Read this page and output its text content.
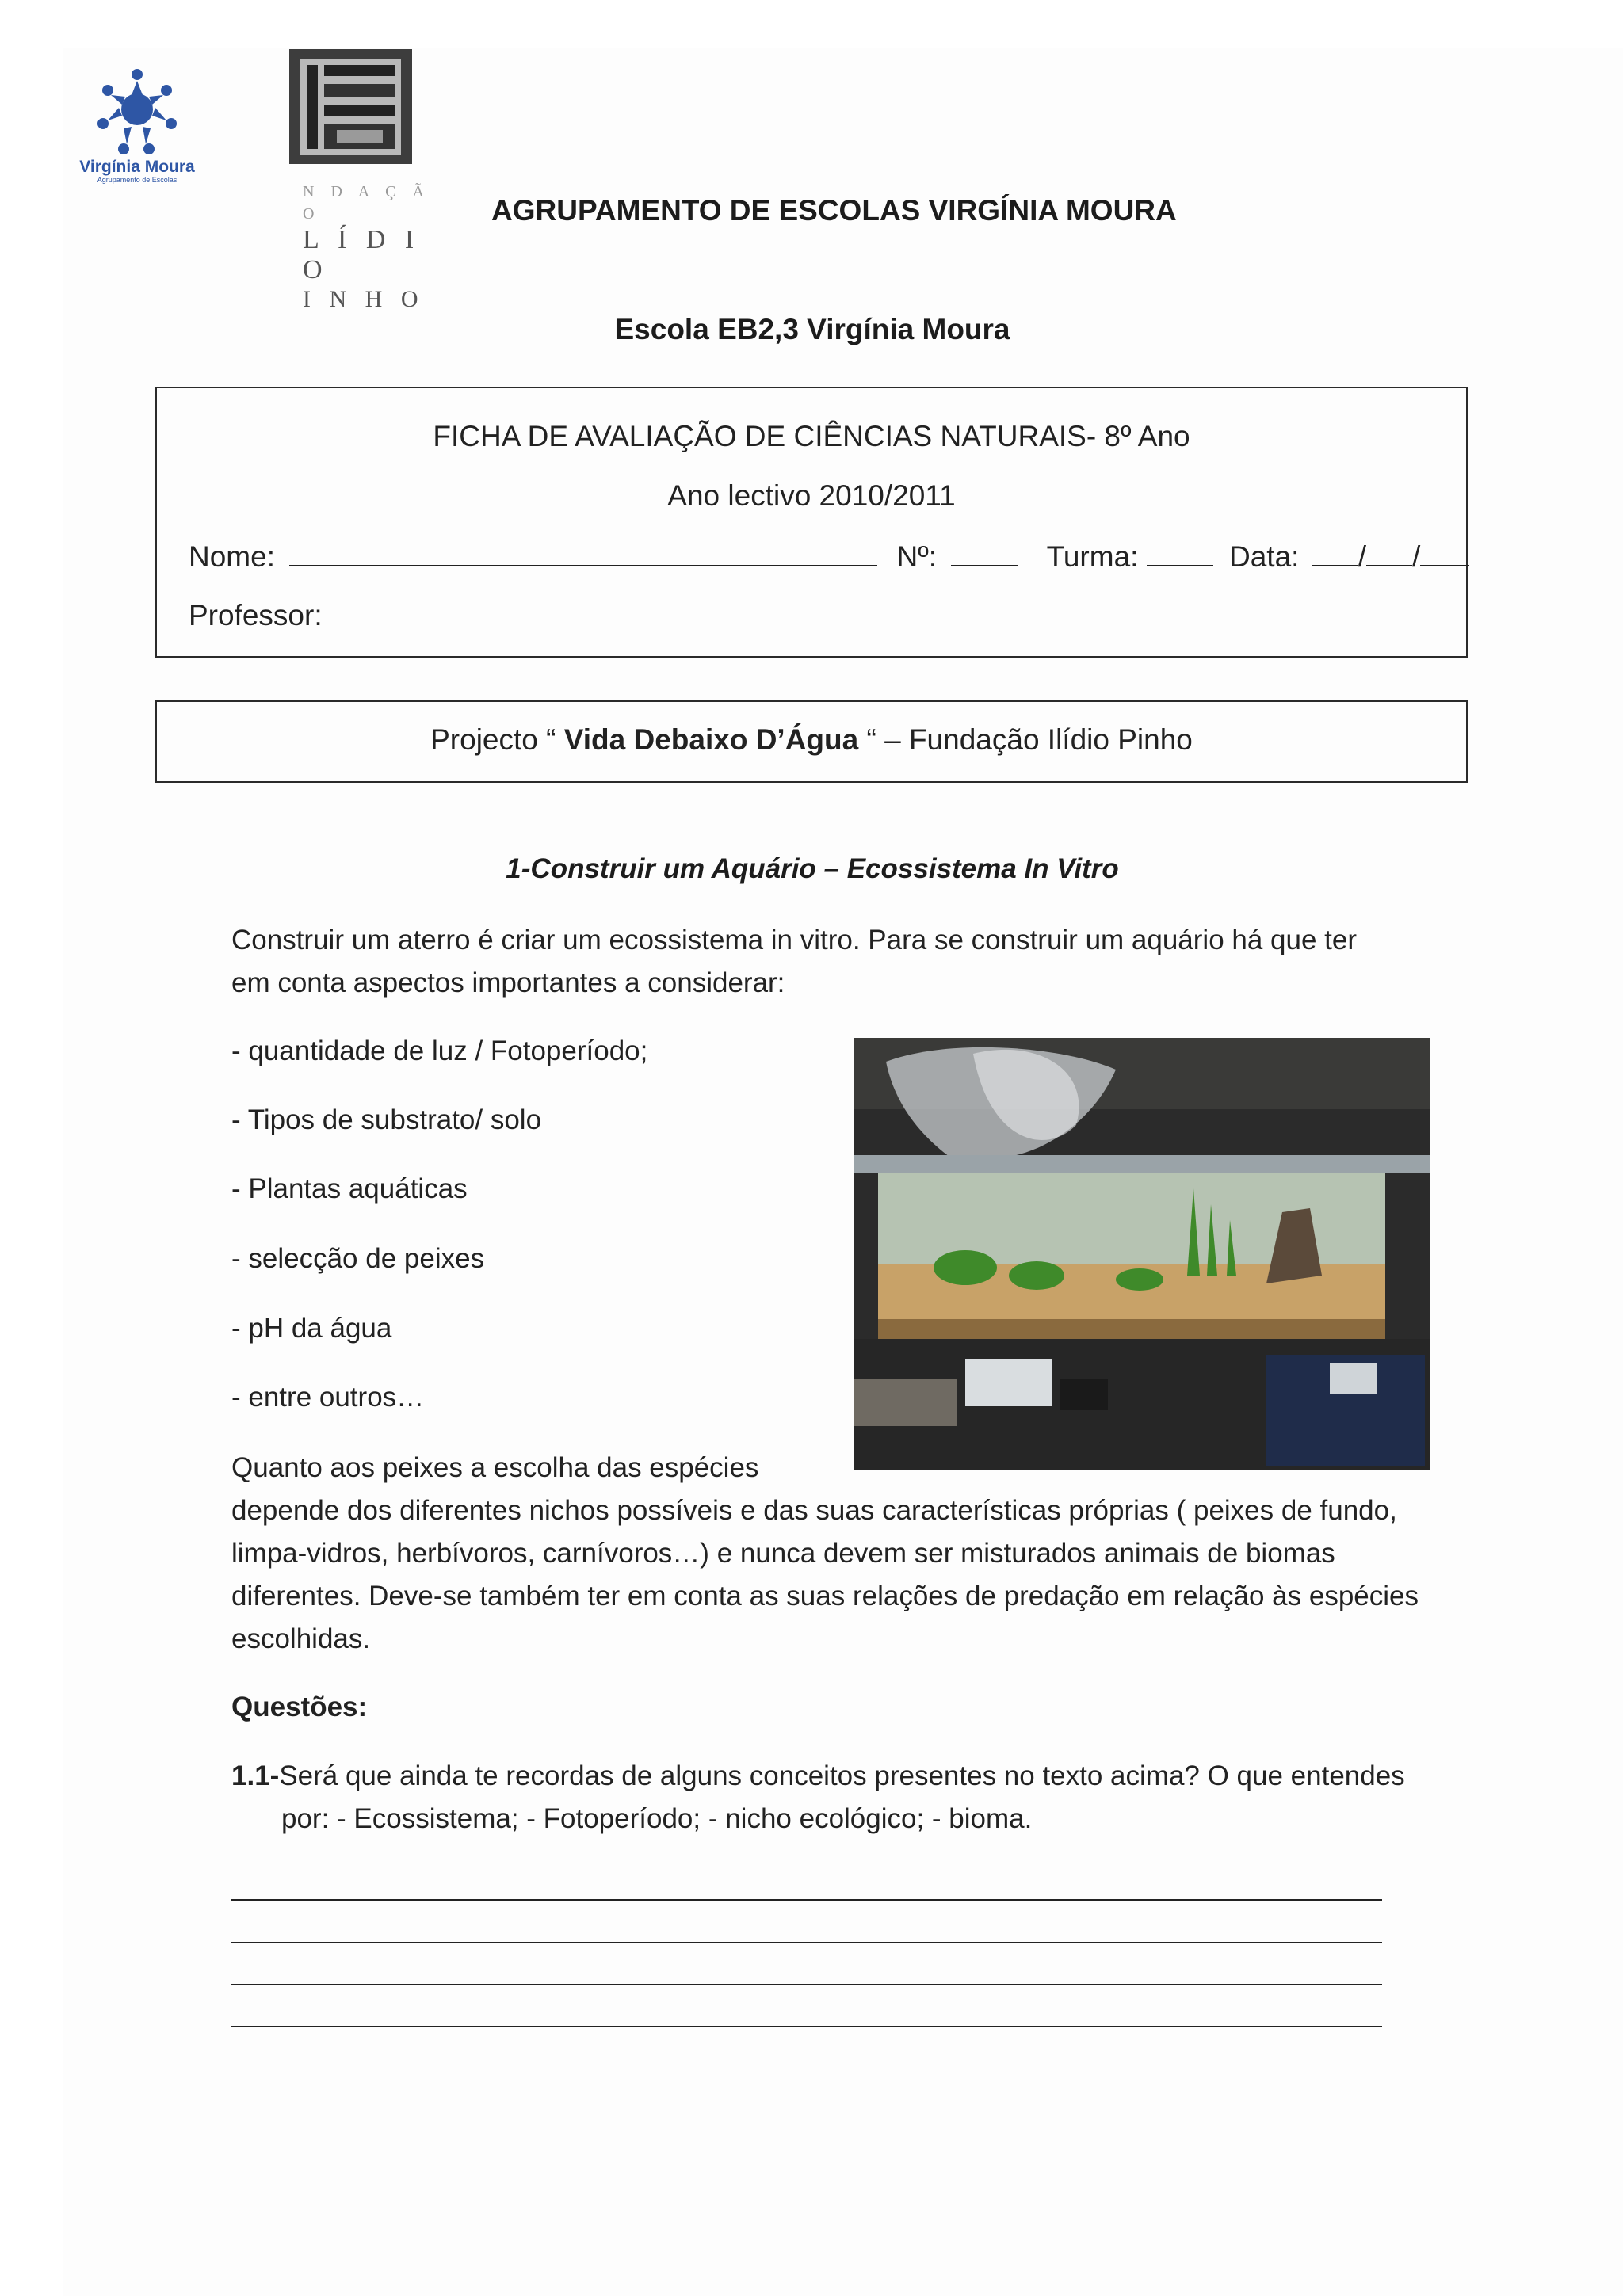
Virgínia Moura
Agrupamento de Escolas
N D A Ç Ã O
L Í D I O
I N H O
AGRUPAMENTO DE ESCOLAS VIRGÍNIA MOURA
Escola EB2,3 Virgínia Moura
FICHA DE AVALIAÇÃO DE CIÊNCIAS NATURAIS- 8º Ano
Ano lectivo 2010/2011
Nome:	Nº:	Turma:	Data: / /
Professor:
Projecto “ Vida Debaixo D’Água “ – Fundação Ilídio Pinho
1-Construir um Aquário – Ecossistema In Vitro
Construir um aterro é criar um ecossistema in vitro. Para se construir um aquário há que ter
em conta aspectos importantes a considerar:
- quantidade de luz / Fotoperíodo;
- Tipos de substrato/ solo
- Plantas aquáticas
- selecção de peixes
- pH da água
- entre outros…
Quanto aos peixes a escolha das espécies
depende dos diferentes nichos possíveis e das suas características próprias ( peixes de fundo,
limpa-vidros, herbívoros, carnívoros…) e nunca devem ser misturados animais de biomas
diferentes. Deve-se também ter em conta as suas relações de predação em relação às espécies
escolhidas.
Questões:
1.1-Será que ainda te recordas de alguns conceitos presentes no texto acima? O que entendes
por: - Ecossistema; - Fotoperíodo; - nicho ecológico; - bioma.
